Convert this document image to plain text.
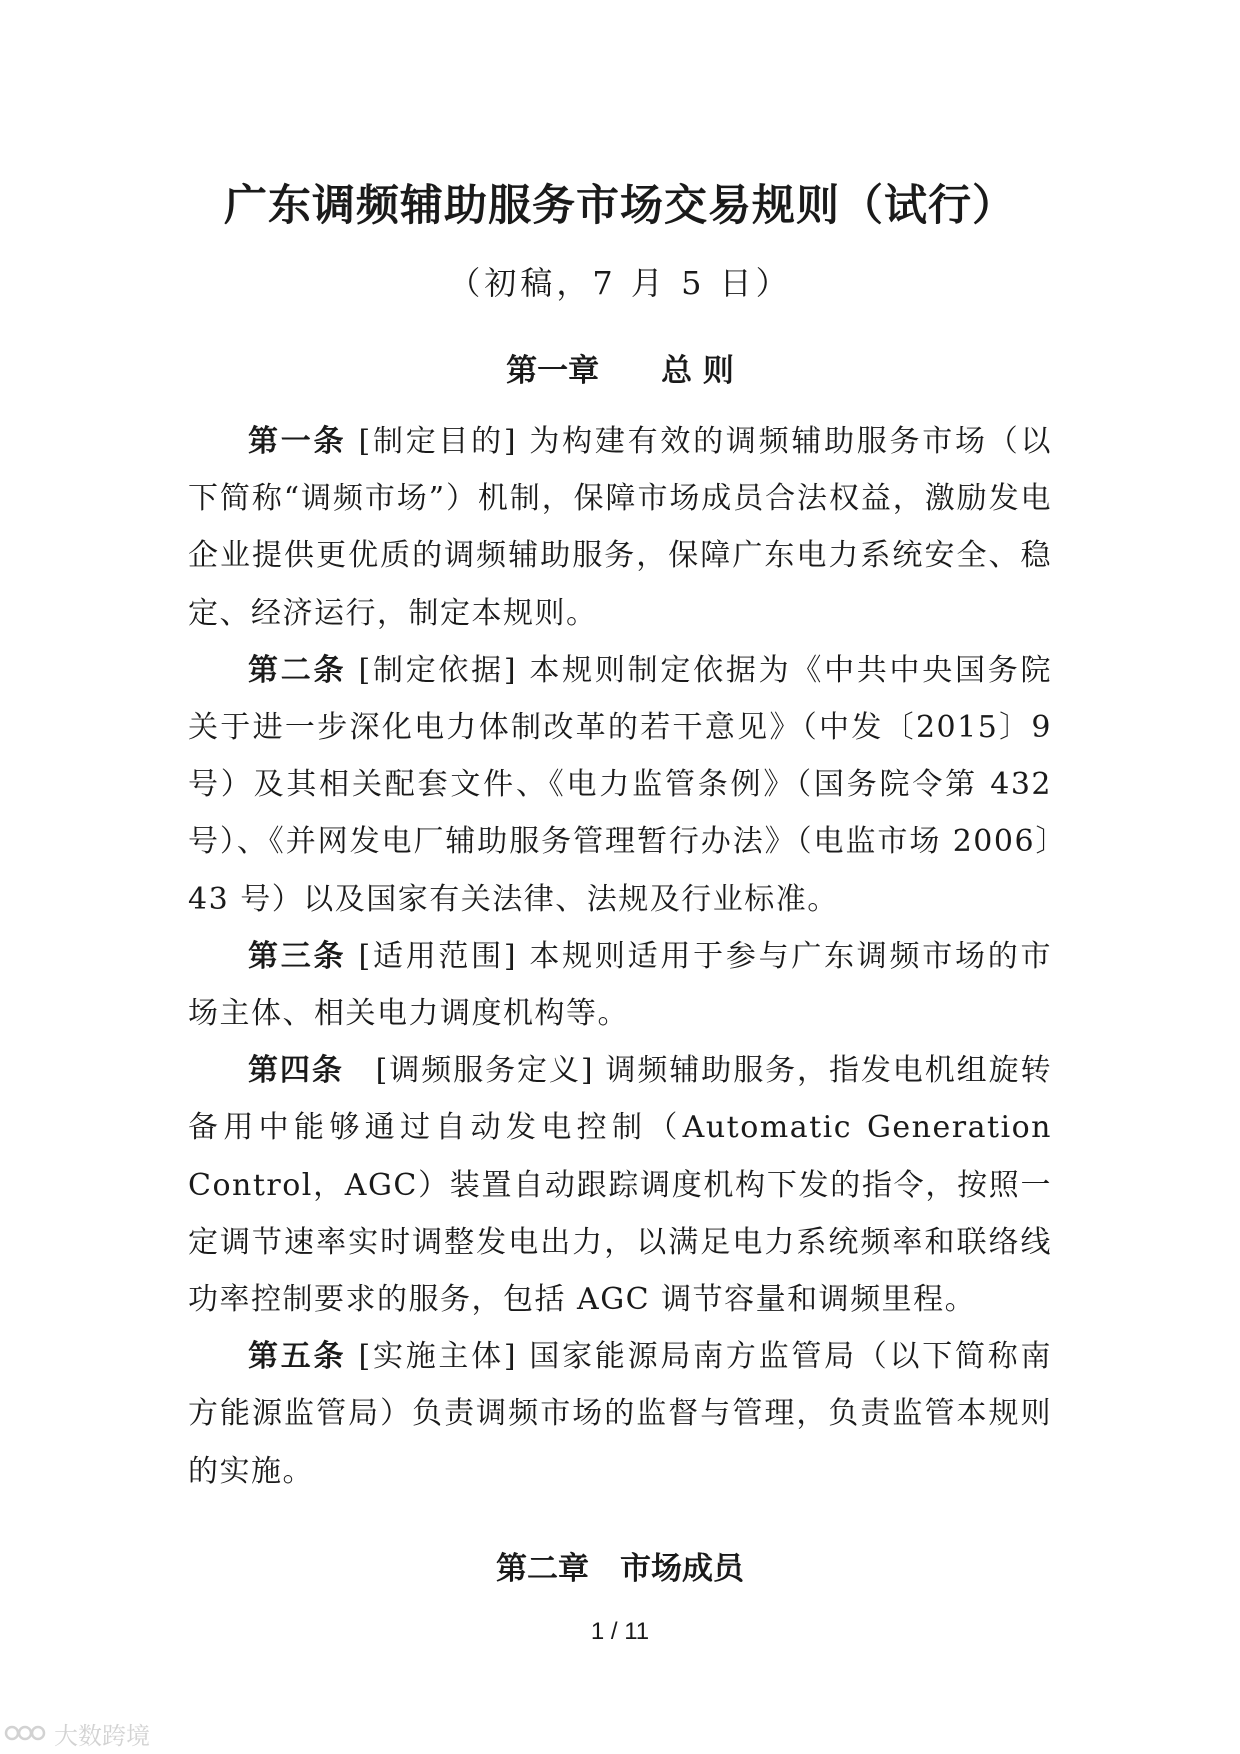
广东调频辅助服务市场交易规则（试行）
（初稿，7 月 5 日）
第一章　　总 则

第一条 [制定目的] 为构建有效的调频辅助服务市场（以下简称“调频市场”）机制，保障市场成员合法权益，激励发电企业提供更优质的调频辅助服务，保障广东电力系统安全、稳定、经济运行，制定本规则。

第二条 [制定依据] 本规则制定依据为《中共中央国务院关于进一步深化电力体制改革的若干意见》（中发〔2015〕9 号）及其相关配套文件、《电力监管条例》（国务院令第 432 号）、《并网发电厂辅助服务管理暂行办法》（电监市场 2006〕43 号）以及国家有关法律、法规及行业标准。

第三条 [适用范围] 本规则适用于参与广东调频市场的市场主体、相关电力调度机构等。

第四条　[调频服务定义] 调频辅助服务，指发电机组旋转备用中能够通过自动发电控制（Automatic Generation Control，AGC）装置自动跟踪调度机构下发的指令，按照一定调节速率实时调整发电出力，以满足电力系统频率和联络线功率控制要求的服务，包括 AGC 调节容量和调频里程。

第五条 [实施主体] 国家能源局南方监管局（以下简称南方能源监管局）负责调频市场的监督与管理，负责监管本规则的实施。

第二章　市场成员
1 / 11
大数跨境
